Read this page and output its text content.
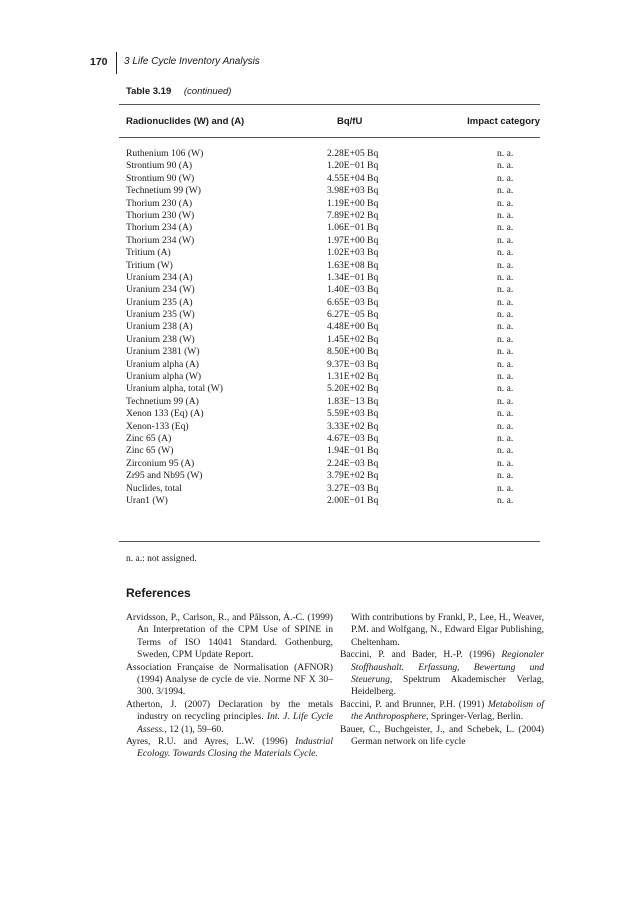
170 3 Life Cycle Inventory Analysis
Table 3.19 (continued)
Radionuclides (W) and (A)	Bq/fU	Impact category
Ruthenium 106 (W)	2.28E+05 Bq	n. a.
Strontium 90 (A)	1.20E−01 Bq	n. a.
Strontium 90 (W)	4.55E+04 Bq	n. a.
Technetium 99 (W)	3.98E+03 Bq	n. a.
Thorium 230 (A)	1.19E+00 Bq	n. a.
Thorium 230 (W)	7.89E+02 Bq	n. a.
Thorium 234 (A)	1.06E−01 Bq	n. a.
Thorium 234 (W)	1.97E+00 Bq	n. a.
Tritium (A)	1.02E+03 Bq	n. a.
Tritium (W)	1.63E+08 Bq	n. a.
Uranium 234 (A)	1.34E−01 Bq	n. a.
Uranium 234 (W)	1.40E−03 Bq	n. a.
Uranium 235 (A)	6.65E−03 Bq	n. a.
Uranium 235 (W)	6.27E−05 Bq	n. a.
Uranium 238 (A)	4.48E+00 Bq	n. a.
Uranium 238 (W)	1.45E+02 Bq	n. a.
Uranium 2381 (W)	8.50E+00 Bq	n. a.
Uranium alpha (A)	9.37E−03 Bq	n. a.
Uranium alpha (W)	1.31E+02 Bq	n. a.
Uranium alpha, total (W)	5.20E+02 Bq	n. a.
Technetium 99 (A)	1.83E−13 Bq	n. a.
Xenon 133 (Eq) (A)	5.59E+03 Bq	n. a.
Xenon-133 (Eq)	3.33E+02 Bq	n. a.
Zinc 65 (A)	4.67E−03 Bq	n. a.
Zinc 65 (W)	1.94E−01 Bq	n. a.
Zirconium 95 (A)	2.24E−03 Bq	n. a.
Zr95 and Nb95 (W)	3.79E+02 Bq	n. a.
Nuclides, total	3.27E−03 Bq	n. a.
Uran1 (W)	2.00E−01 Bq	n. a.
n. a.: not assigned.
References
Arvidsson, P., Carlson, R., and Pålsson, A.-C. (1999) An Interpretation of the CPM Use of SPINE in Terms of ISO 14041 Standard. Gothenburg, Sweden, CPM Update Report.
Association Française de Normalisation (AFNOR) (1994) Analyse de cycle de vie. Norme NF X 30–300. 3/1994.
Atherton, J. (2007) Declaration by the metals industry on recycling principles. Int. J. Life Cycle Assess., 12 (1), 59–60.
Ayres, R.U. and Ayres, L.W. (1996) Industrial Ecology. Towards Closing the Materials Cycle.
With contributions by Frankl, P., Lee, H., Weaver, P.M. and Wolfgang, N., Edward Elgar Publishing, Cheltenham.
Baccini, P. and Bader, H.-P. (1996) Regionaler Stoffhaushalt. Erfassung, Bewertung und Steuerung, Spektrum Akademischer Verlag, Heidelberg.
Baccini, P. and Brunner, P.H. (1991) Metabolism of the Anthroposphere, Springer-Verlag, Berlin.
Bauer, C., Buchgeister, J., and Schebek, L. (2004) German network on life cycle
